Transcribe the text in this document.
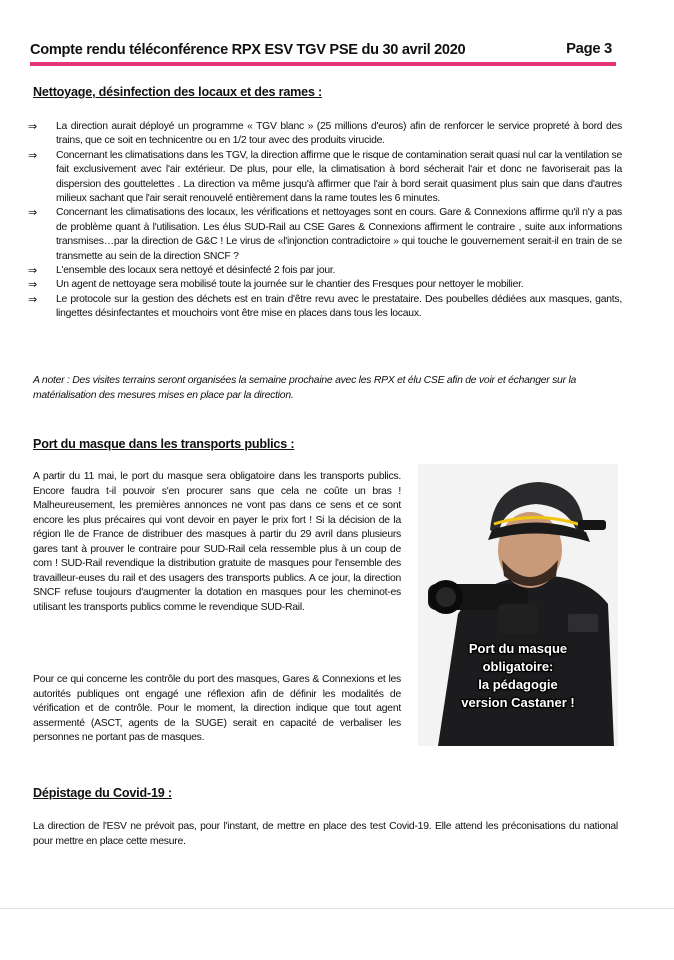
Compte rendu téléconférence RPX ESV TGV PSE du 30 avril 2020	Page 3
Nettoyage, désinfection des locaux et des rames :
⇒ La direction aurait déployé un programme « TGV blanc » (25 millions d'euros) afin de renforcer le service propreté à bord des trains, que ce soit en technicentre ou en 1/2 tour avec des produits virucide.
⇒ Concernant les climatisations dans les TGV, la direction affirme que le risque de contamination serait quasi nul car la ventilation se fait exclusivement avec l'air extérieur. De plus, pour elle, la climatisation à bord sécherait l'air et donc ne favoriserait pas la dispersion des gouttelettes . La direction va même jusqu'à affirmer que l'air à bord serait quasiment plus sain que dans d'autres milieux sachant que l'air serait renouvelé entièrement dans la rame toutes les 6 minutes.
⇒ Concernant les climatisations des locaux, les vérifications et nettoyages sont en cours. Gare & Connexions affirme qu'il n'y a pas de problème quant à l'utilisation. Les élus SUD-Rail au CSE Gares & Connexions affirment le contraire , suite aux informations transmises…par la direction de G&C ! Le virus de «l'injonction contradictoire » qui touche le gouvernement serait-il en train de se transmette au sein de la direction SNCF ?
⇒ L'ensemble des locaux sera nettoyé et désinfecté 2 fois par jour.
⇒ Un agent de nettoyage sera mobilisé toute la journée sur le chantier des Fresques pour nettoyer le mobilier.
⇒ Le protocole sur la gestion des déchets est en train d'être revu avec le prestataire. Des poubelles dédiées aux masques, gants, lingettes désinfectantes et mouchoirs vont être mise en places dans tous les locaux.
A noter : Des visites terrains seront organisées la semaine prochaine avec les RPX et élu CSE afin de voir et échanger sur la matérialisation des mesures mises en place par la direction.
Port du masque dans les transports publics :
A partir du 11 mai, le port du masque sera obligatoire dans les transports publics. Encore faudra t-il pouvoir s'en procurer sans que cela ne coûte un bras ! Malheureusement, les premières annonces ne vont pas dans ce sens et ce sont encore les plus précaires qui vont devoir en payer le prix fort ! Si la décision de la région Ile de France de distribuer des masques à partir du 29 avril dans plusieurs gares tant à prouver le contraire pour SUD-Rail cela ressemble plus à un coup de com ! SUD-Rail revendique la distribution gratuite de masques pour l'ensemble des travailleur-euses du rail et des usagers des transports publics. A ce jour, la direction SNCF refuse toujours d'augmenter la dotation en masques pour les cheminot-es utilisant les transports publics comme le revendique SUD-Rail.
Pour ce qui concerne les contrôle du port des masques, Gares & Connexions et les autorités publiques ont engagé une réflexion afin de définir les modalités de vérification et de contrôle. Pour le moment, la direction indique que tout agent assermenté (ASCT, agents de la SUGE) serait en capacité de verbaliser les personnes ne portant pas de masques.
Port du masque
obligatoire:
la pédagogie
version Castaner !
Dépistage du Covid-19 :
La direction de l'ESV ne prévoit pas, pour l'instant, de mettre en place des test Covid-19. Elle attend les préconisations du national pour mettre en place cette mesure.
